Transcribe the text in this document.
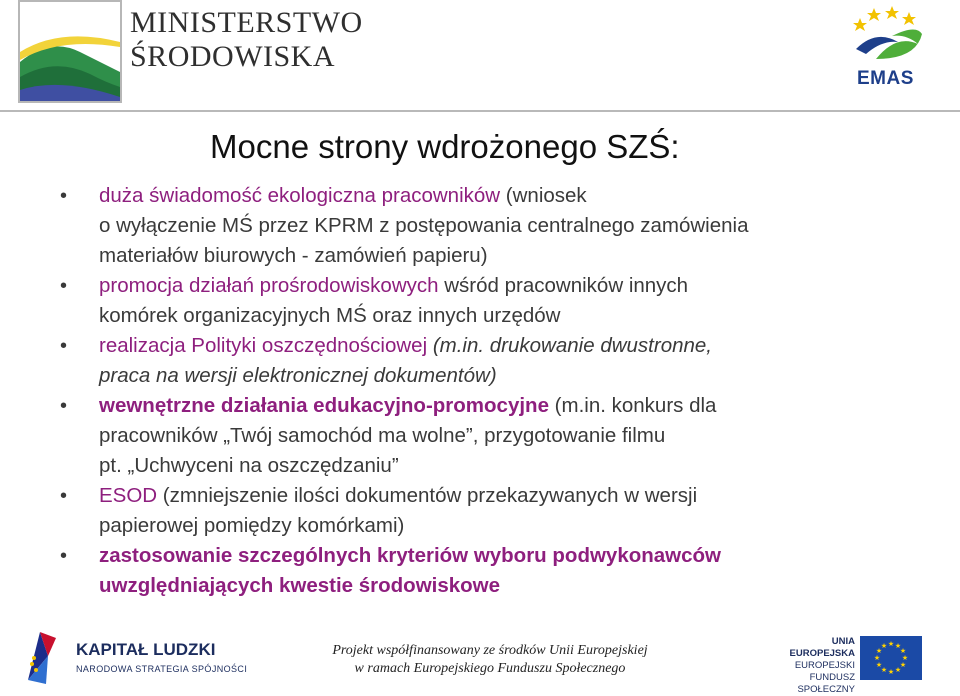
MINISTERSTWO
ŚRODOWISKA
EMAS
Mocne strony wdrożonego SZŚ:
•	duża świadomość ekologiczna pracowników (wniosek
o wyłączenie MŚ przez KPRM z postępowania centralnego zamówienia
materiałów biurowych - zamówień papieru)
•	promocja działań prośrodowiskowych wśród pracowników innych
komórek organizacyjnych MŚ oraz innych urzędów
•	realizacja Polityki oszczędnościowej (m.in. drukowanie dwustronne,
praca na wersji elektronicznej dokumentów)
•	wewnętrzne działania edukacyjno-promocyjne (m.in. konkurs dla
pracowników „Twój samochód ma wolne”, przygotowanie filmu
pt. „Uchwyceni na oszczędzaniu”
•	ESOD (zmniejszenie ilości dokumentów przekazywanych w wersji
papierowej pomiędzy komórkami)
•	zastosowanie szczególnych kryteriów wyboru podwykonawców
uwzględniających kwestie środowiskowe
KAPITAŁ LUDZKI
NARODOWA STRATEGIA SPÓJNOŚCI
Projekt współfinansowany ze środków Unii Europejskiej
w ramach Europejskiego Funduszu Społecznego
UNIA EUROPEJSKA
EUROPEJSKI
FUNDUSZ SPOŁECZNY
★ ★
★
★
★
★
★
★
★
★
★
★
